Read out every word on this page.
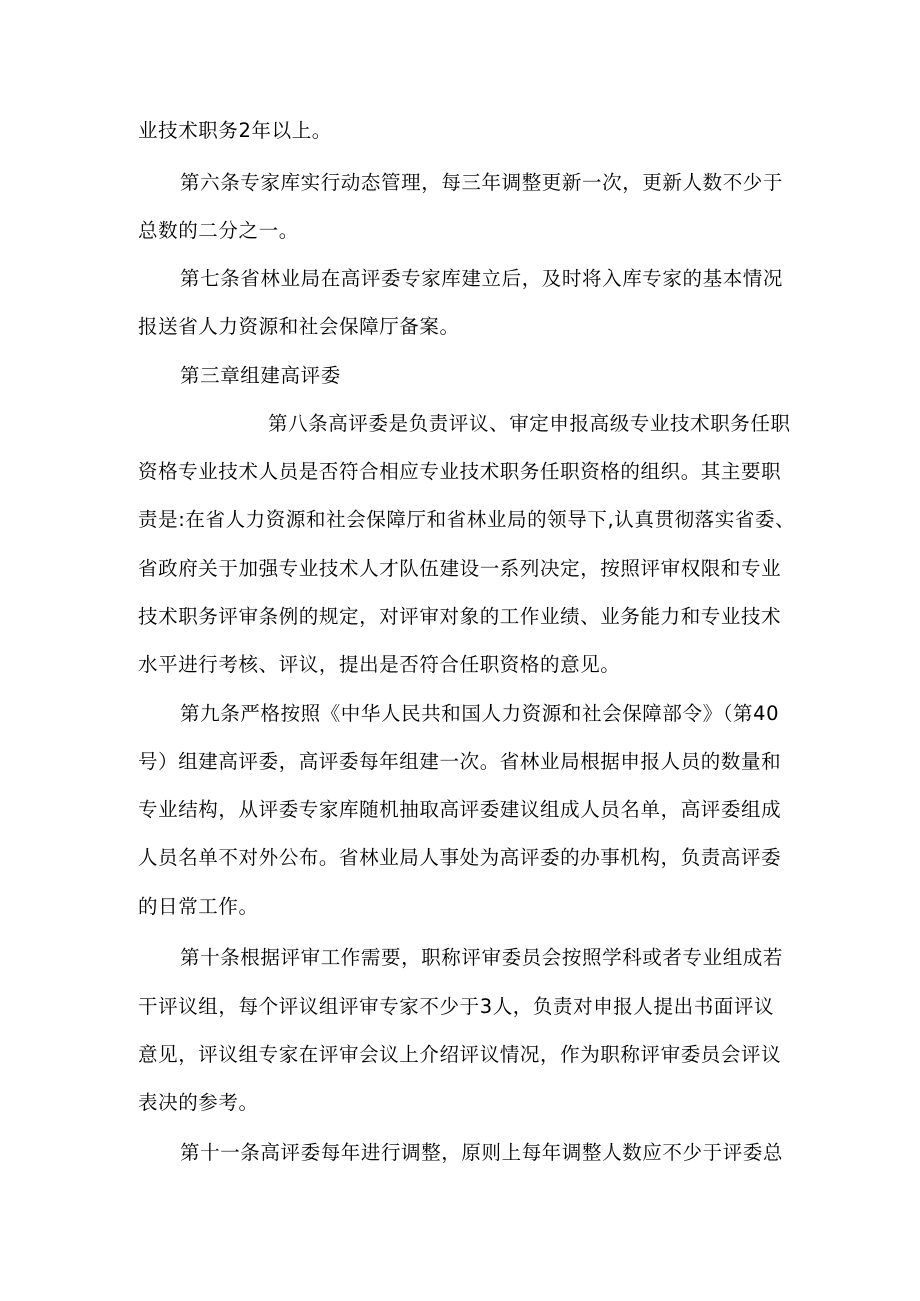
业技术职务2年以上。

第六条专家库实行动态管理，每三年调整更新一次，更新人数不少于

总数的二分之一。

第七条省林业局在高评委专家库建立后，及时将入库专家的基本情况

报送省人力资源和社会保障厅备案。

第三章组建高评委

第八条高评委是负责评议、审定申报高级专业技术职务任职

资格专业技术人员是否符合相应专业技术职务任职资格的组织。其主要职

责是:在省人力资源和社会保障厅和省林业局的领导下,认真贯彻落实省委、

省政府关于加强专业技术人才队伍建设一系列决定，按照评审权限和专业

技术职务评审条例的规定，对评审对象的工作业绩、业务能力和专业技术

水平进行考核、评议，提出是否符合任职资格的意见。

第九条严格按照《中华人民共和国人力资源和社会保障部令》（第40

号）组建高评委，高评委每年组建一次。省林业局根据申报人员的数量和

专业结构，从评委专家库随机抽取高评委建议组成人员名单，高评委组成

人员名单不对外公布。省林业局人事处为高评委的办事机构，负责高评委

的日常工作。

第十条根据评审工作需要，职称评审委员会按照学科或者专业组成若

干评议组，每个评议组评审专家不少于3人，负责对申报人提出书面评议

意见，评议组专家在评审会议上介绍评议情况，作为职称评审委员会评议

表决的参考。

第十一条高评委每年进行调整，原则上每年调整人数应不少于评委总
